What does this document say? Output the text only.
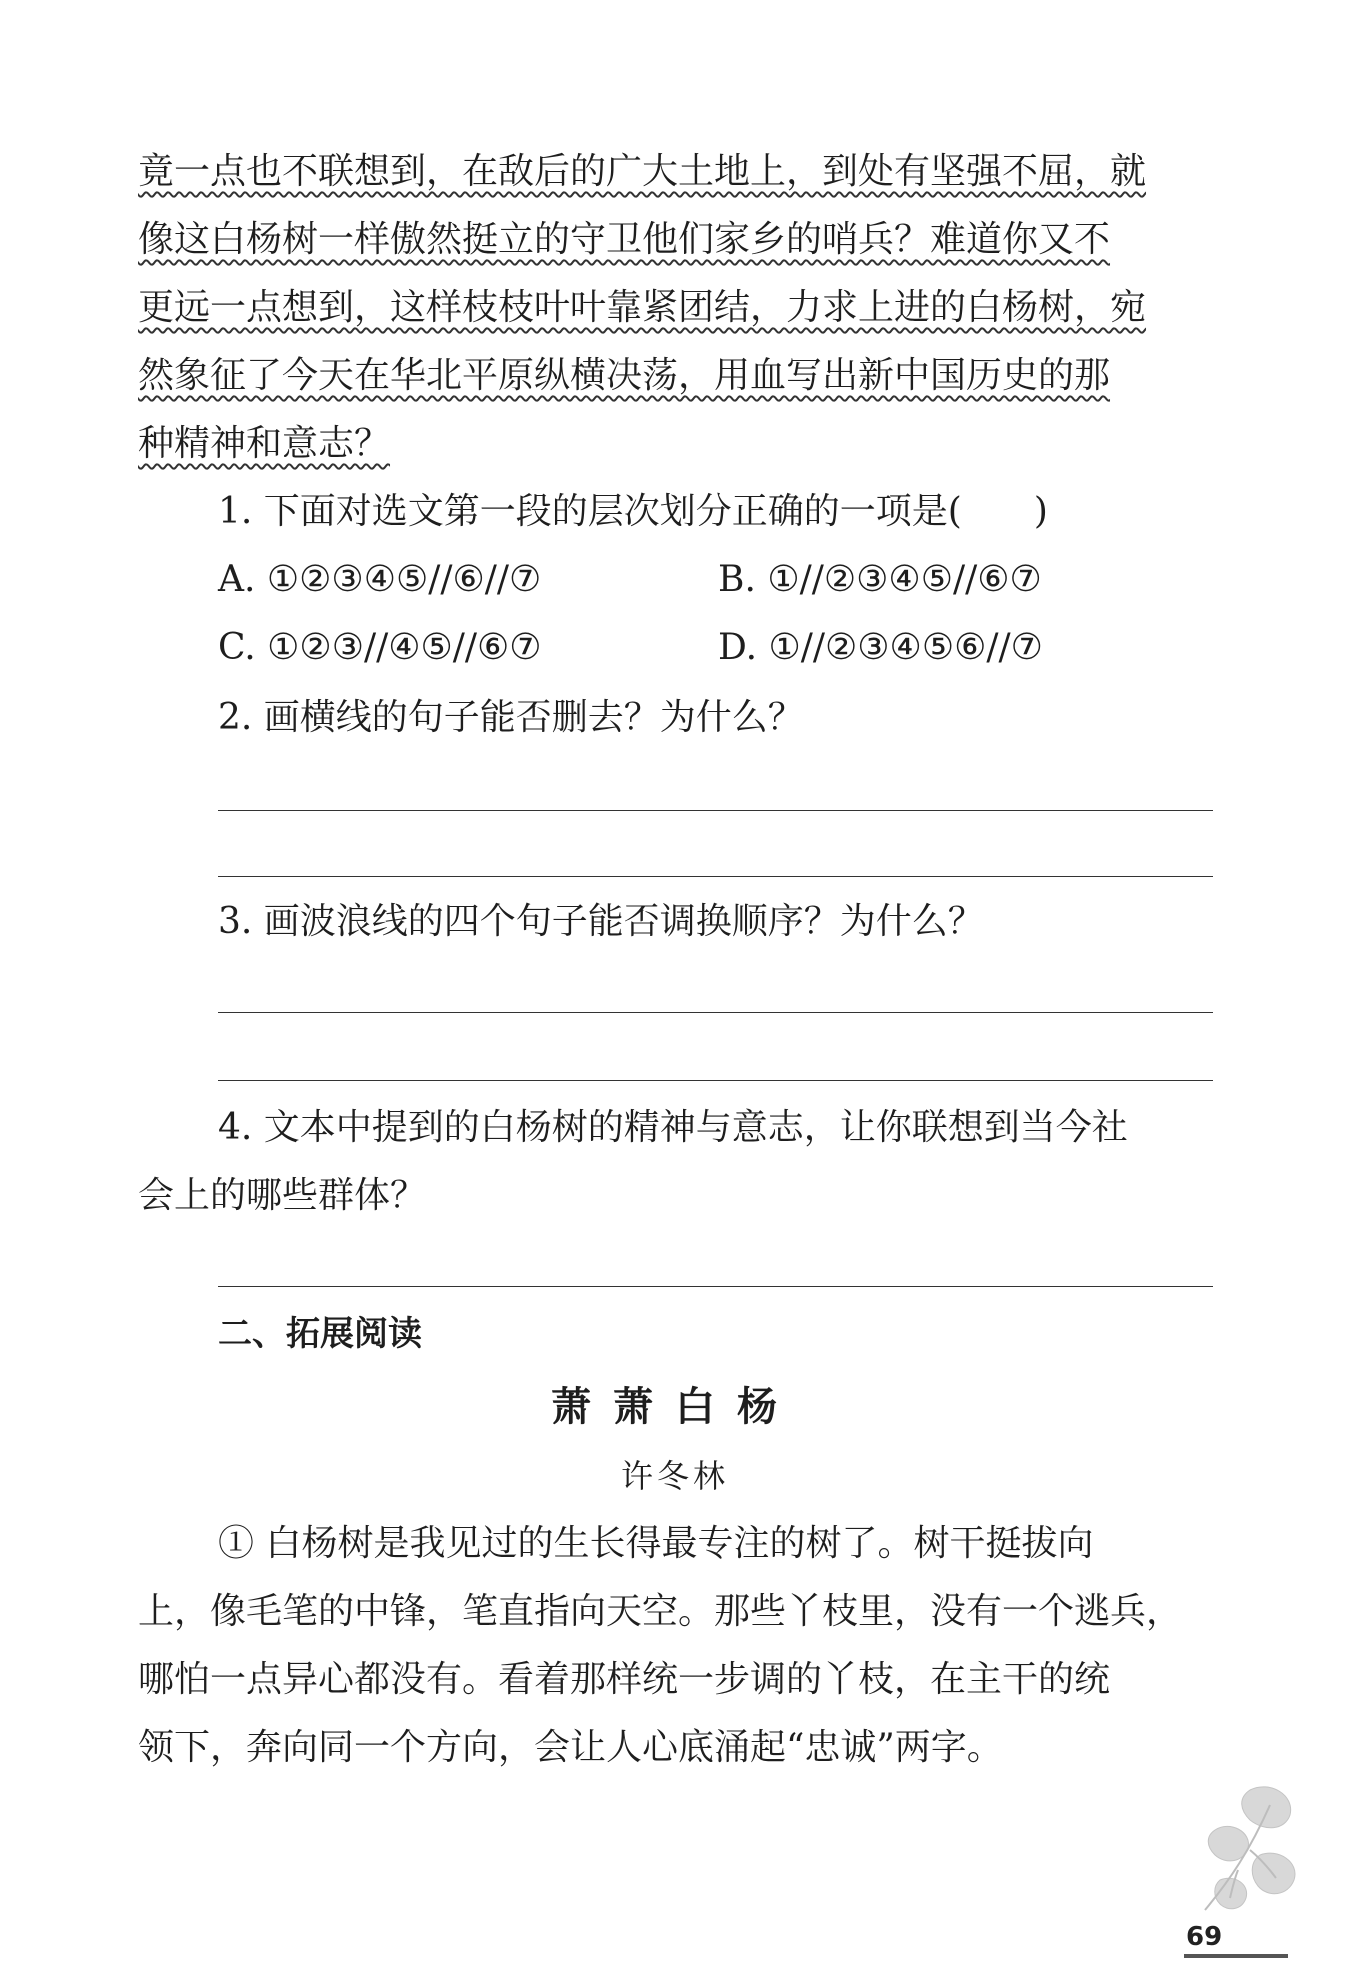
竟一点也不联想到，在敌后的广大土地上，到处有坚强不屈，就
像这白杨树一样傲然挺立的守卫他们家乡的哨兵？难道你又不
更远一点想到，这样枝枝叶叶靠紧团结，力求上进的白杨树，宛
然象征了今天在华北平原纵横决荡，用血写出新中国历史的那
种精神和意志？
1. 下面对选文第一段的层次划分正确的一项是(　　)
A. ①②③④⑤//⑥//⑦	B. ①//②③④⑤//⑥⑦
C. ①②③//④⑤//⑥⑦	D. ①//②③④⑤⑥//⑦
2. 画横线的句子能否删去？为什么？
3. 画波浪线的四个句子能否调换顺序？为什么？
4. 文本中提到的白杨树的精神与意志，让你联想到当今社
会上的哪些群体？
二、拓展阅读
萧萧白杨
许冬林
① 白杨树是我见过的生长得最专注的树了。树干挺拔向
上，像毛笔的中锋，笔直指向天空。那些丫枝里，没有一个逃兵，
哪怕一点异心都没有。看着那样统一步调的丫枝，在主干的统
领下，奔向同一个方向，会让人心底涌起“忠诚”两字。
69
